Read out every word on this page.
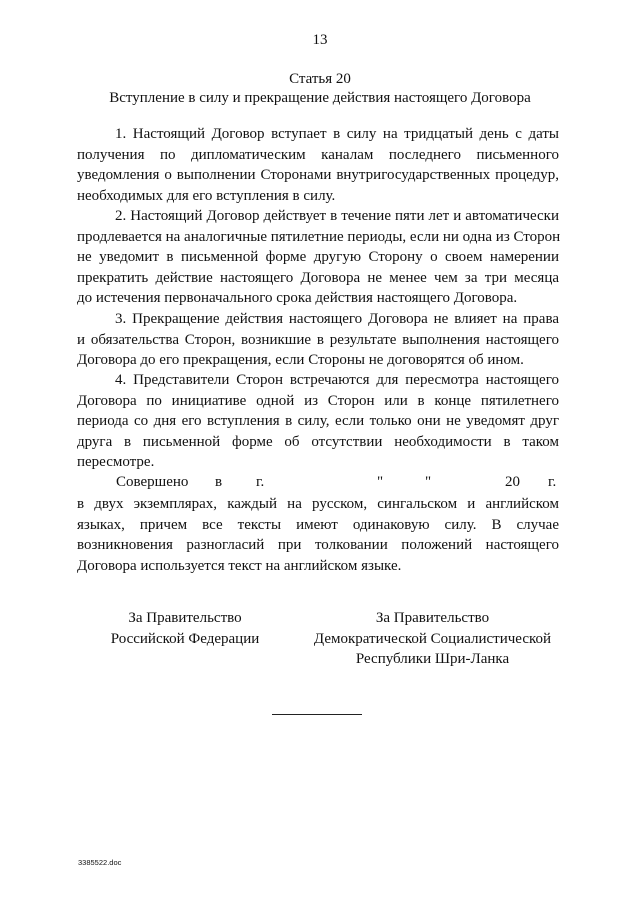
13
Статья 20
Вступление в силу и прекращение действия настоящего Договора
1. Настоящий Договор вступает в силу на тридцатый день с даты
получения по дипломатическим каналам последнего письменного
уведомления о выполнении Сторонами внутригосударственных процедур,
необходимых для его вступления в силу.
2. Настоящий Договор действует в течение пяти лет и автоматически
продлевается на аналогичные пятилетние периоды, если ни одна из Сторон
не уведомит в письменной форме другую Сторону о своем намерении
прекратить действие настоящего Договора не менее чем за три месяца
до истечения первоначального срока действия настоящего Договора.
3. Прекращение действия настоящего Договора не влияет на права
и обязательства Сторон, возникшие в результате выполнения настоящего
Договора до его прекращения, если Стороны не договорятся об ином.
4. Представители Сторон встречаются для пересмотра настоящего
Договора по инициативе одной из Сторон или в конце пятилетнего
периода со дня его вступления в силу, если только они не уведомят друг
друга в письменной форме об отсутствии необходимости в таком
пересмотре.
Совершено в г.	"	"	20 г.
в двух экземплярах, каждый на русском, сингальском и английском
языках, причем все тексты имеют одинаковую силу. В случае
возникновения разногласий при толковании положений настоящего
Договора используется текст на английском языке.
За Правительство
Российской Федерации
За Правительство
Демократической Социалистической
Республики Шри-Ланка
3385522.doc
